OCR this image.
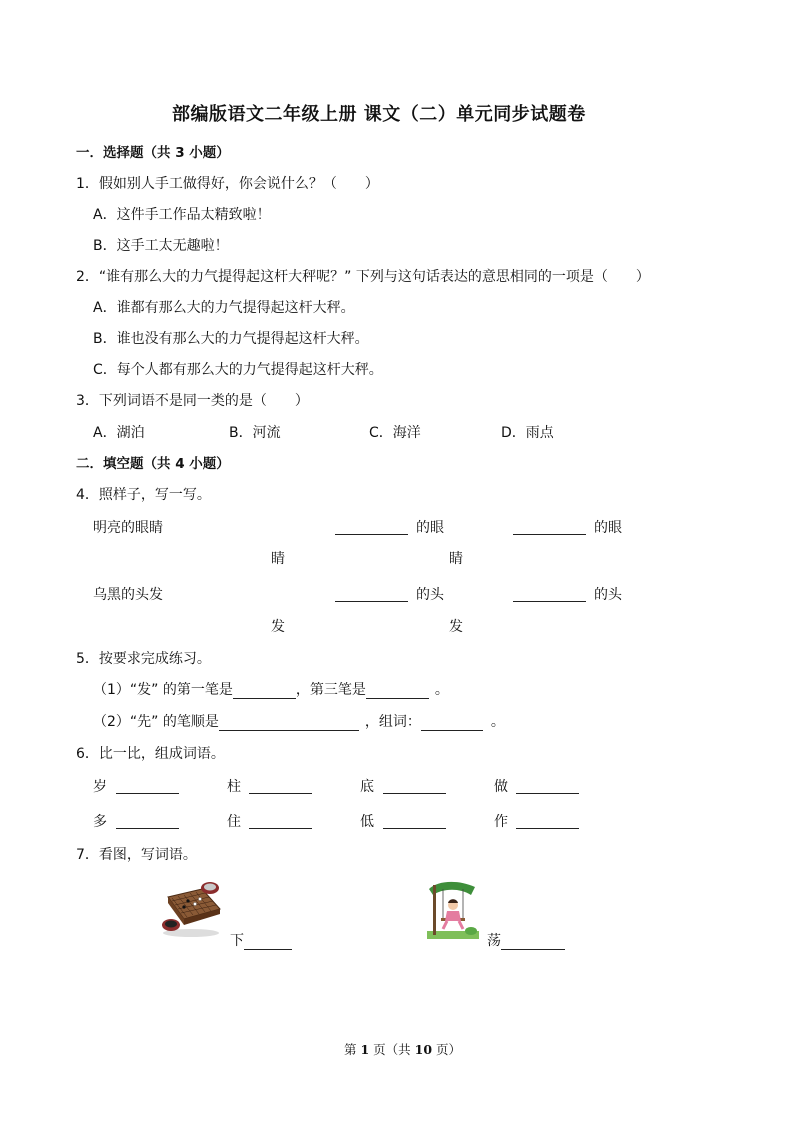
部编版语文二年级上册 课文（二）单元同步试题卷
一．选择题（共 3 小题）
1．假如别人手工做得好，你会说什么？（　　）
A．这件手工作品太精致啦！
B．这手工太无趣啦！
2．“谁有那么大的力气提得起这杆大秤呢？” 下列与这句话表达的意思相同的一项是（　　）
A．谁都有那么大的力气提得起这杆大秤。
B．谁也没有那么大的力气提得起这杆大秤。
C．每个人都有那么大的力气提得起这杆大秤。
3．下列词语不是同一类的是（　　）
A．湖泊	B．河流	C．海洋	D．雨点
二．填空题（共 4 小题）
4．照样子，写一写。
明亮的眼睛	的眼	的眼
睛	睛
乌黑的头发	的头	的头
发	发
5．按要求完成练习。
（1）“发” 的第一笔是	，第三笔是	。
（2）“先” 的笔顺是	，组词：	。
6．比一比，组成词语。
岁	柱	底	做
多	住	低	作
7．看图，写词语。
下	荡
第 1 页（共 10 页）
